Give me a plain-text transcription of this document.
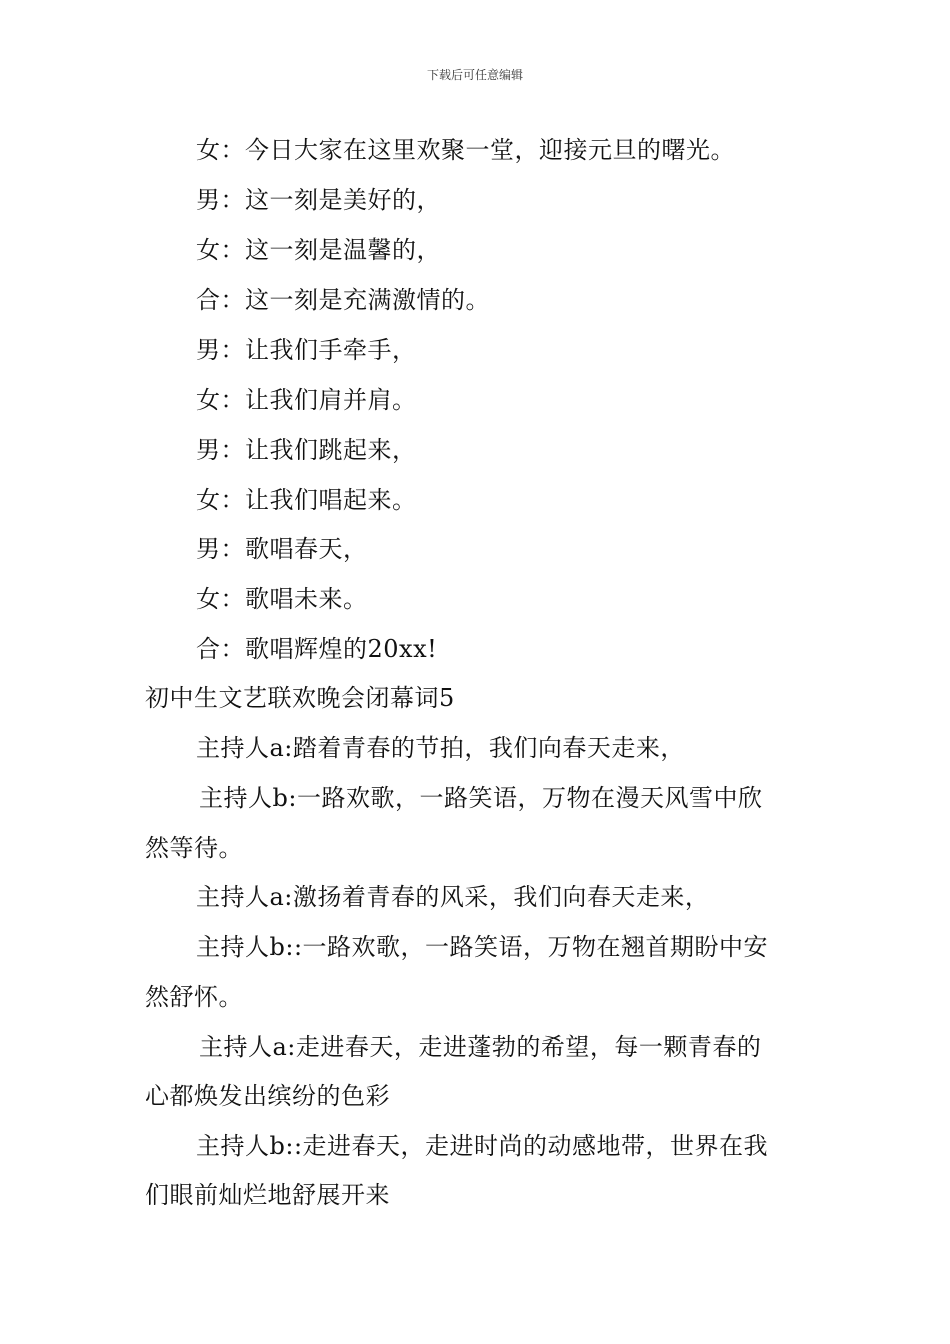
下载后可任意编辑
女：今日大家在这里欢聚一堂，迎接元旦的曙光。
男：这一刻是美好的，
女：这一刻是温馨的，
合：这一刻是充满激情的。
男：让我们手牵手，
女：让我们肩并肩。
男：让我们跳起来，
女：让我们唱起来。
男：歌唱春天，
女：歌唱未来。
合：歌唱辉煌的20xx!
初中生文艺联欢晚会闭幕词5
主持人a:踏着青春的节拍，我们向春天走来，
主持人b:一路欢歌，一路笑语，万物在漫天风雪中欣
然等待。
主持人a:激扬着青春的风采，我们向春天走来，
主持人b::一路欢歌，一路笑语，万物在翘首期盼中安
然舒怀。
主持人a:走进春天，走进蓬勃的希望，每一颗青春的
心都焕发出缤纷的色彩
主持人b::走进春天，走进时尚的动感地带，世界在我
们眼前灿烂地舒展开来
